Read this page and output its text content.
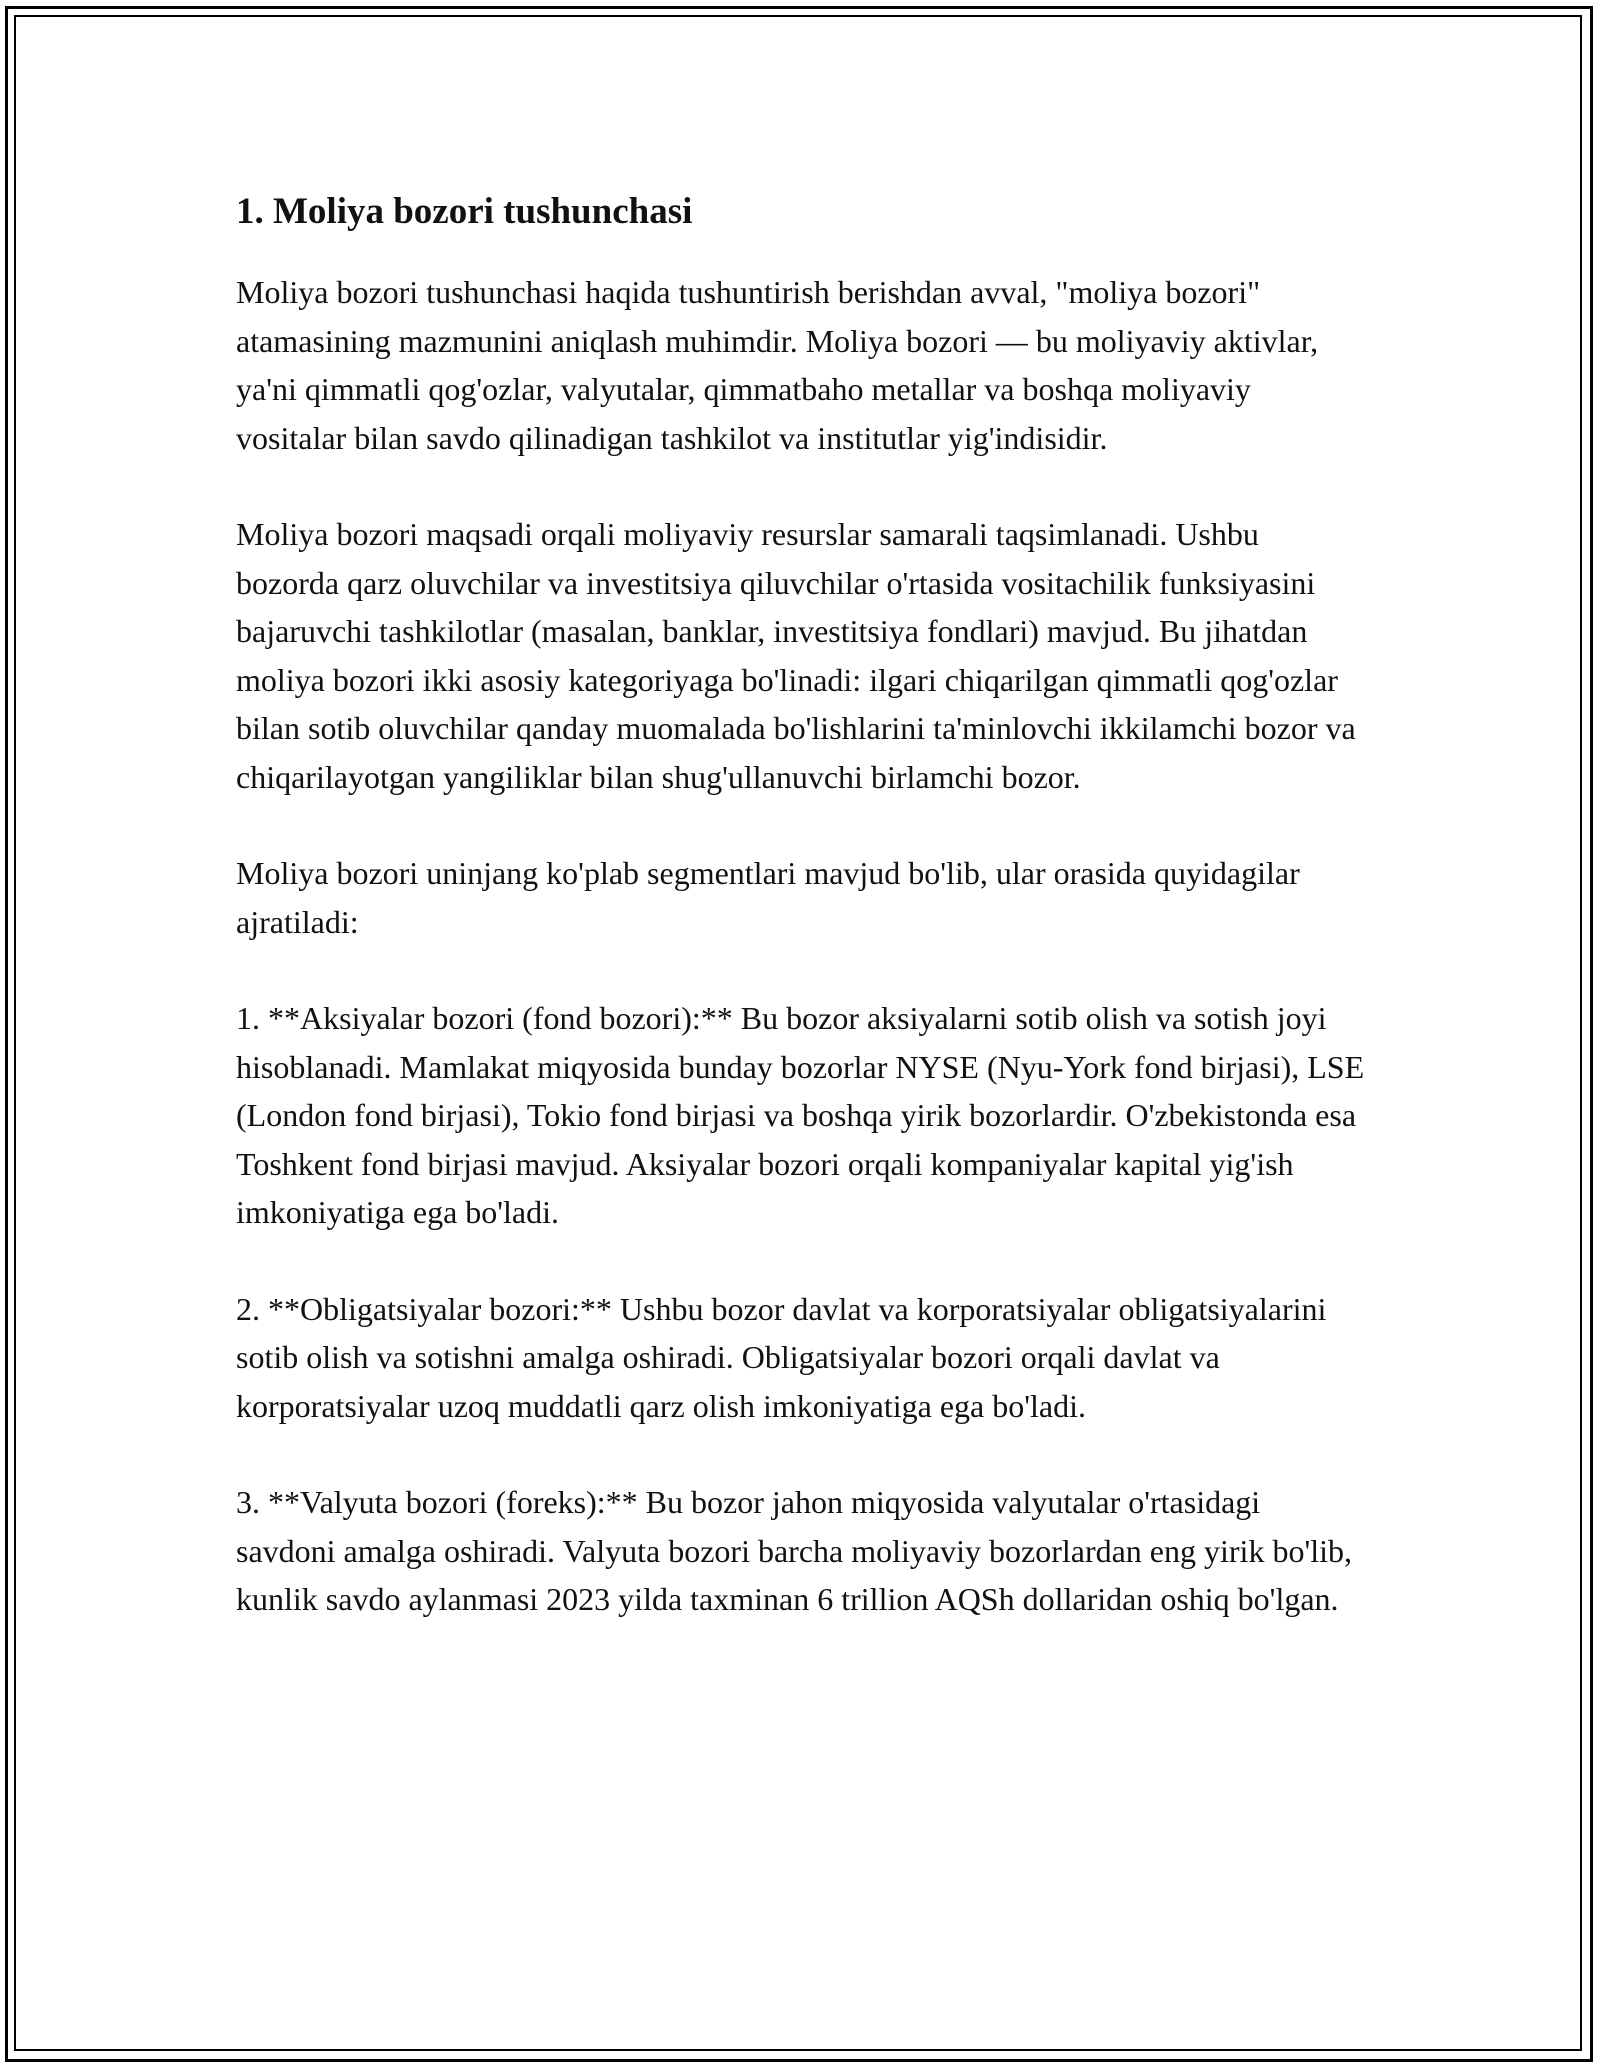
1. Moliya bozori tushunchasi

Moliya bozori tushunchasi haqida tushuntirish berishdan avval, "moliya bozori" atamasining mazmunini aniqlash muhimdir. Moliya bozori — bu moliyaviy aktivlar, ya'ni qimmatli qog'ozlar, valyutalar, qimmatbaho metallar va boshqa moliyaviy vositalar bilan savdo qilinadigan tashkilot va institutlar yig'indisidir.

Moliya bozori maqsadi orqali moliyaviy resurslar samarali taqsimlanadi. Ushbu bozorda qarz oluvchilar va investitsiya qiluvchilar o'rtasida vositachilik funksiyasini bajaruvchi tashkilotlar (masalan, banklar, investitsiya fondlari) mavjud. Bu jihatdan moliya bozori ikki asosiy kategoriyaga bo'linadi: ilgari chiqarilgan qimmatli qog'ozlar bilan sotib oluvchilar qanday muomalada bo'lishlarini ta'minlovchi ikkilamchi bozor va chiqarilayotgan yangiliklar bilan shug'ullanuvchi birlamchi bozor.

Moliya bozori uninjang ko'plab segmentlari mavjud bo'lib, ular orasida quyidagilar ajratiladi:

1. **Aksiyalar bozori (fond bozori):** Bu bozor aksiyalarni sotib olish va sotish joyi hisoblanadi. Mamlakat miqyosida bunday bozorlar NYSE (Nyu-York fond birjasi), LSE (London fond birjasi), Tokio fond birjasi va boshqa yirik bozorlardir. O'zbekistonda esa Toshkent fond birjasi mavjud. Aksiyalar bozori orqali kompaniyalar kapital yig'ish imkoniyatiga ega bo'ladi.

2. **Obligatsiyalar bozori:** Ushbu bozor davlat va korporatsiyalar obligatsiyalarini sotib olish va sotishni amalga oshiradi. Obligatsiyalar bozori orqali davlat va korporatsiyalar uzoq muddatli qarz olish imkoniyatiga ega bo'ladi.

3. **Valyuta bozori (foreks):** Bu bozor jahon miqyosida valyutalar o'rtasidagi savdoni amalga oshiradi. Valyuta bozori barcha moliyaviy bozorlardan eng yirik bo'lib, kunlik savdo aylanmasi 2023 yilda taxminan 6 trillion AQSh dollaridan oshiq bo'lgan.
